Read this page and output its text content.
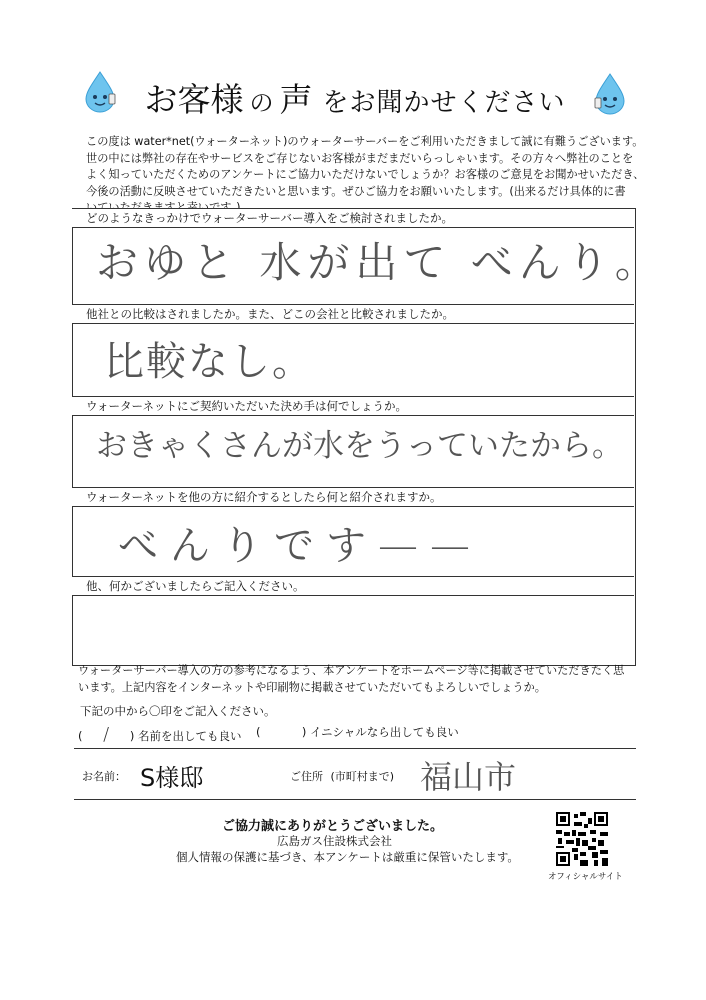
お客様 の 声 をお聞かせください
この度は water*net(ウォーターネット)のウォーターサーバーをご利用いただきまして誠に有難うございます。
世の中には弊社の存在やサービスをご存じないお客様がまだまだいらっしゃいます。その方々へ弊社のことを
よく知っていただくためのアンケートにご協力いただけないでしょうか？お客様のご意見をお聞かせいただき、
今後の活動に反映させていただきたいと思います。ぜひご協力をお願いいたします。(出来るだけ具体的に書

どのようなきっかけでウォーターサーバー導入をご検討されましたか。
おゆと 水が出て べんり。
他社との比較はされましたか。また、どこの会社と比較されましたか。
比較なし。
ウォーターネットにご契約いただいた決め手は何でしょうか。
おきゃくさんが水をうっていたから。
ウォーターネットを他の方に紹介するとしたら何と紹介されますか。
べんりです——
他、何かございましたらご記入ください。
ウォーターサーバー導入の方の参考になるよう、本アンケートをホームページ等に掲載させていただきたく思
います。上記内容をインターネットや印刷物に掲載させていただいてもよろしいでしょうか。
下記の中から〇印をご記入ください。
( / ) 名前を出しても良い (	) イニシャルなら出しても良い
お名前： S様邸	ご住所 (市町村まで) 福山市
ご協力誠にありがとうございました。
広島ガス住設株式会社
個人情報の保護に基づき、本アンケートは厳重に保管いたします。
オフィシャルサイト
